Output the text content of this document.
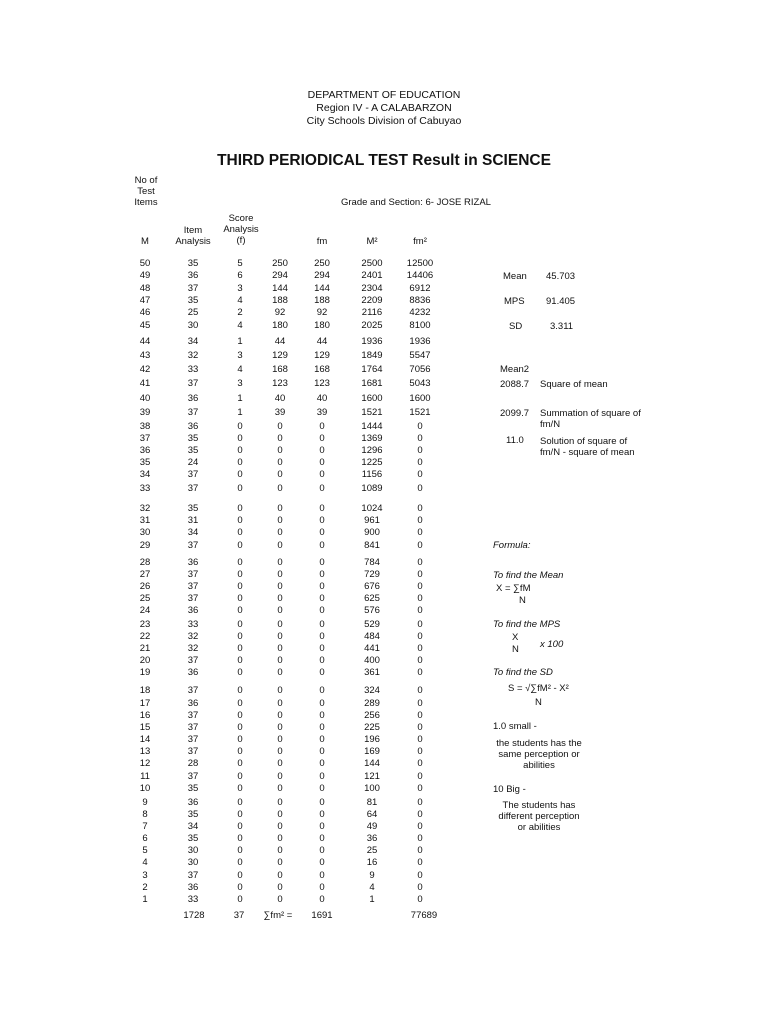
DEPARTMENT OF EDUCATION
Region IV - A CALABARZON
City Schools Division of Cabuyao
THIRD PERIODICAL TEST Result in SCIENCE
No of
Test
Items	Grade and Section: 6- JOSE RIZAL
M
Item
Analysis
Score
Analysis
(f)	fm	M²	fm²
50	35	5	250	250	2500	12500
49	36	6	294	294	2401	14406
48	37	3	144	144	2304	6912
47	35	4	188	188	2209	8836
46	25	2	92	92	2116	4232
45	30	4	180	180	2025	8100
44	34	1	44	44	1936	1936
43	32	3	129	129	1849	5547
42	33	4	168	168	1764	7056
41	37	3	123	123	1681	5043
40	36	1	40	40	1600	1600
39	37	1	39	39	1521	1521
38	36	0	0	0	1444	0
37	35	0	0	0	1369	0
36	35	0	0	0	1296	0
35	24	0	0	0	1225	0
34	37	0	0	0	1156	0
33	37	0	0	0	1089	0
32	35	0	0	0	1024	0
31	31	0	0	0	961	0
30	34	0	0	0	900	0
29	37	0	0	0	841	0
28	36	0	0	0	784	0
27	37	0	0	0	729	0
26	37	0	0	0	676	0
25	37	0	0	0	625	0
24	36	0	0	0	576	0
23	33	0	0	0	529	0
22	32	0	0	0	484	0
21	32	0	0	0	441	0
20	37	0	0	0	400	0
19	36	0	0	0	361	0
18	37	0	0	0	324	0
17	36	0	0	0	289	0
16	37	0	0	0	256	0
15	37	0	0	0	225	0
14	37	0	0	0	196	0
13	37	0	0	0	169	0
12	28	0	0	0	144	0
11	37	0	0	0	121	0
10	35	0	0	0	100	0
9	36	0	0	0	81	0
8	35	0	0	0	64	0
7	34	0	0	0	49	0
6	35	0	0	0	36	0
5	30	0	0	0	25	0
4	30	0	0	0	16	0
3	37	0	0	0	9	0
2	36	0	0	0	4	0
1	33	0	0	0	1	0
1728	37	∑fm² =	1691	77689
Mean 45.703
MPS 91.405
SD	3.311
Mean2
2088.7 Square of mean
2099.7 Summation of square of
fm/N
11.0 Solution of square of
fm/N - square of mean
Formula:
To find the Mean
X = ∑fM
N
To find the MPS
X
x 100
N
To find the SD
S = √∑fM² - X²
N
1.0 small -
the students has the
same perception or
abilities
10 Big -
The students has
different perception
or abilities
